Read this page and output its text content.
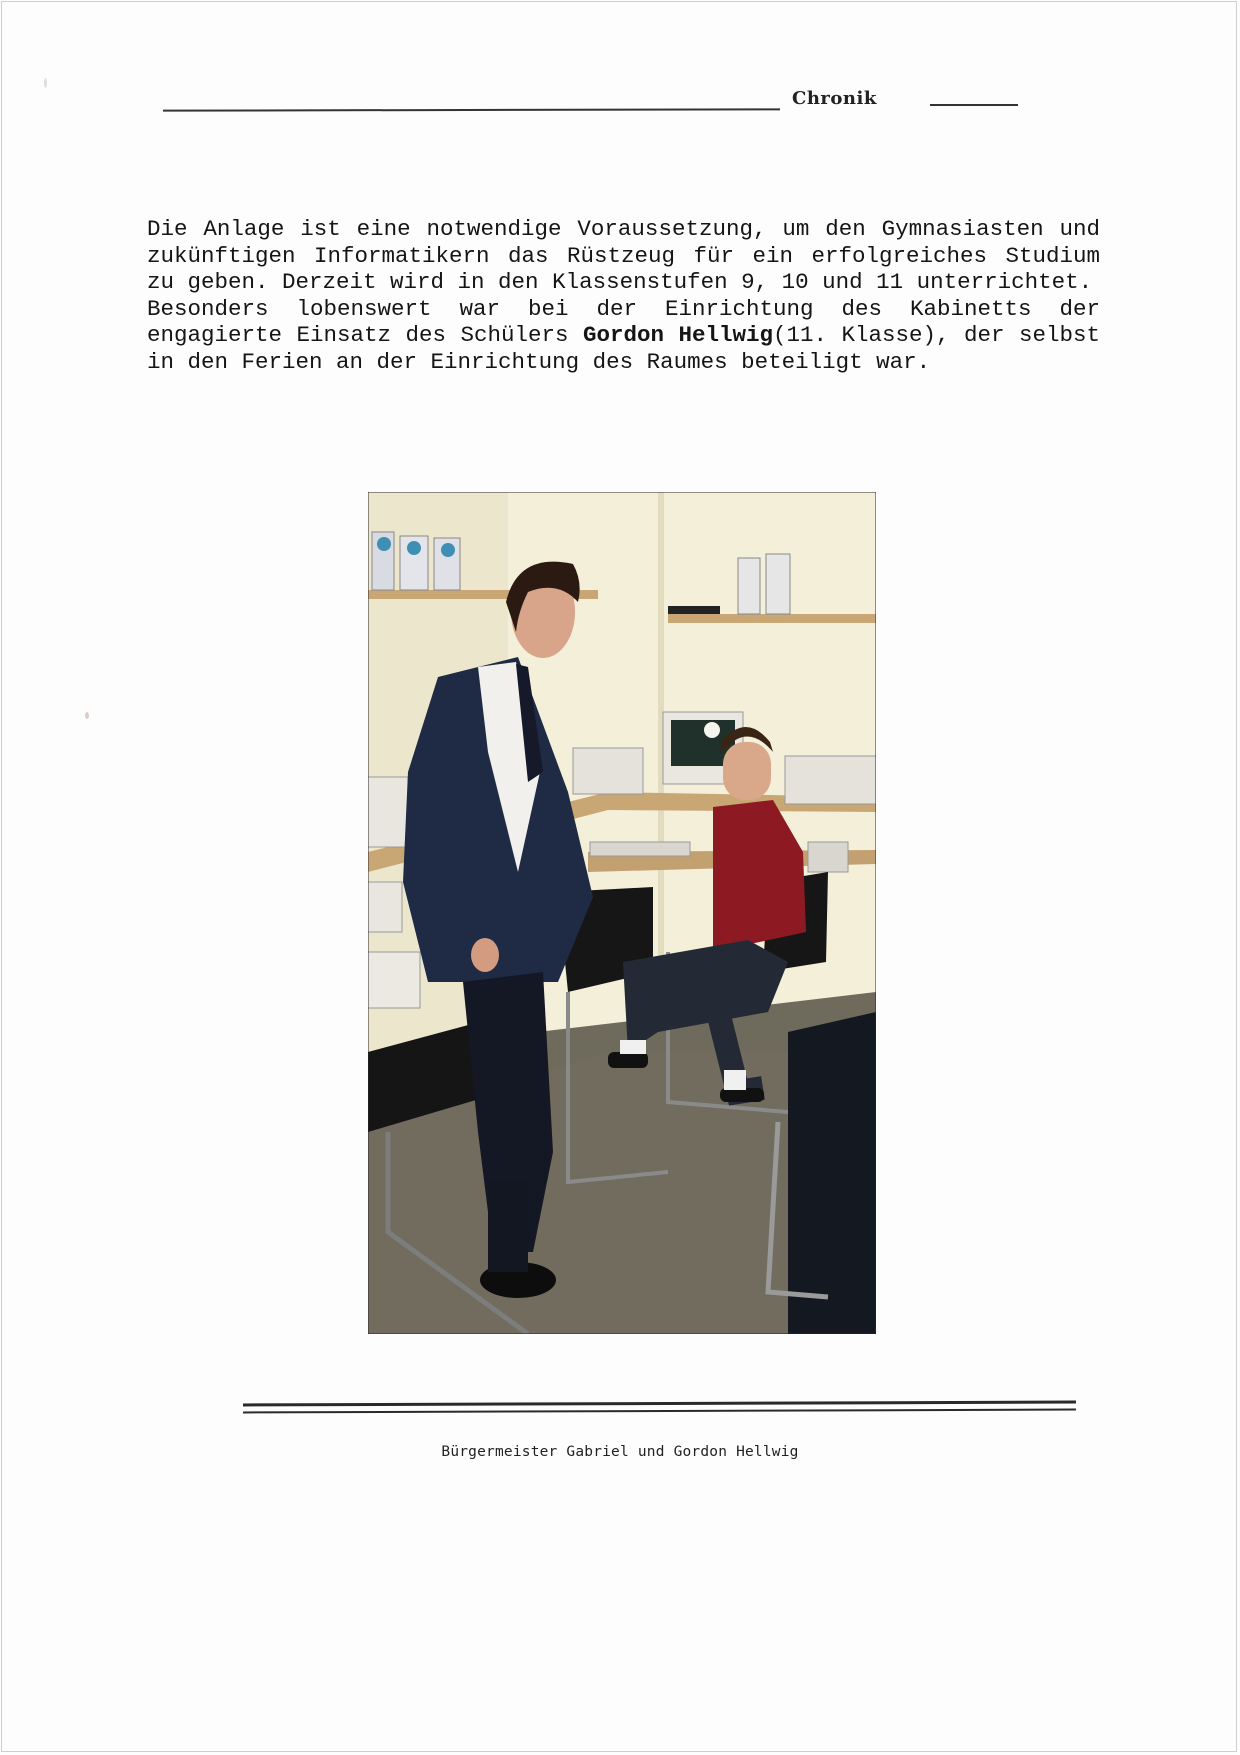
Chronik

Die Anlage ist eine notwendige Voraussetzung, um den Gymnasiasten und zukünftigen Informatikern das Rüstzeug für ein erfolgreiches Studium zu geben. Derzeit wird in den Klassenstufen 9, 10 und 11 unterrichtet.

Besonders lobenswert war bei der Einrichtung des Kabinetts der engagierte Einsatz des Schülers Gordon Hellwig(11. Klasse), der selbst in den Ferien an der Einrichtung des Raumes beteiligt war.

Bürgermeister Gabriel und Gordon Hellwig
